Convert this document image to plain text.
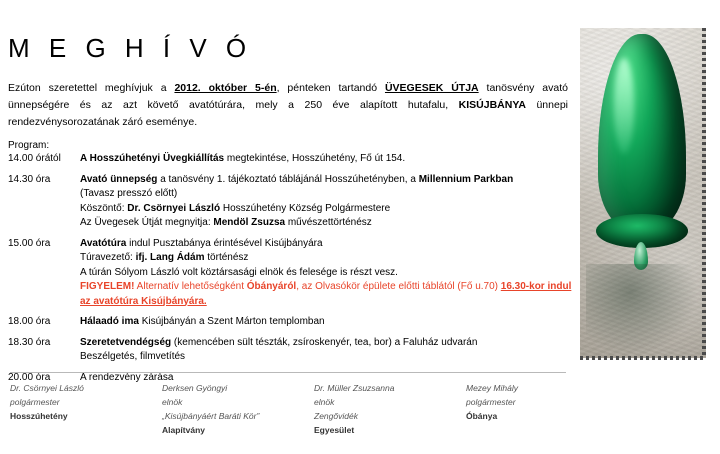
M E G H Í V Ó
Ezúton szeretettel meghívjuk a 2012. október 5-én, pénteken tartandó ÜVEGESEK ÚTJA tanösvény avató ünnepségére és az azt követő avatótúrára, mely a 250 éve alapított hutafalu, KISÚJBÁNYA ünnepi rendezvénysorozatának záró eseménye.
Program:
14.00 órától	A Hosszúhetényi Üvegkiállítás megtekintése, Hosszúhetény, Fő út 154.
14.30 óra	Avató ünnepség a tanösvény 1. tájékoztató táblájánál Hosszúhetényben, a Millennium Parkban
(Tavasz presszó előtt)
Köszöntő: Dr. Csörnyei László Hosszúhetény Község Polgármestere
Az Üvegesek Útját megnyitja: Mendöl Zsuzsa művészettörténész
15.00 óra	Avatótúra indul Pusztabánya érintésével Kisújbányára
Túravezető: ifj. Lang Ádám történész
A túrán Sólyom László volt köztársasági elnök és felesége is részt vesz.
FIGYELEM! Alternatív lehetőségként Óbányáról, az Olvasókör épülete előtti táblától (Fő u.70) 16.30-kor indul
az avatótúra Kisújbányára.
18.00 óra	Hálaadó ima Kisújbányán a Szent Márton templomban
18.30 óra	Szeretetvendégség (kemencében sült tészták, zsíroskenyér, tea, bor) a Faluház udvarán
Beszélgetés, filmvetítés
20.00 óra	A rendezvény zárása
Dr. Csörnyei László
polgármester
Hosszúhetény
Derksen Gyöngyi
elnök
„Kisújbányáért Baráti Kör”
Alapítvány
Dr. Müller Zsuzsanna
elnök
Zengővidék
Egyesület
Mezey Mihály
polgármester
Óbánya
